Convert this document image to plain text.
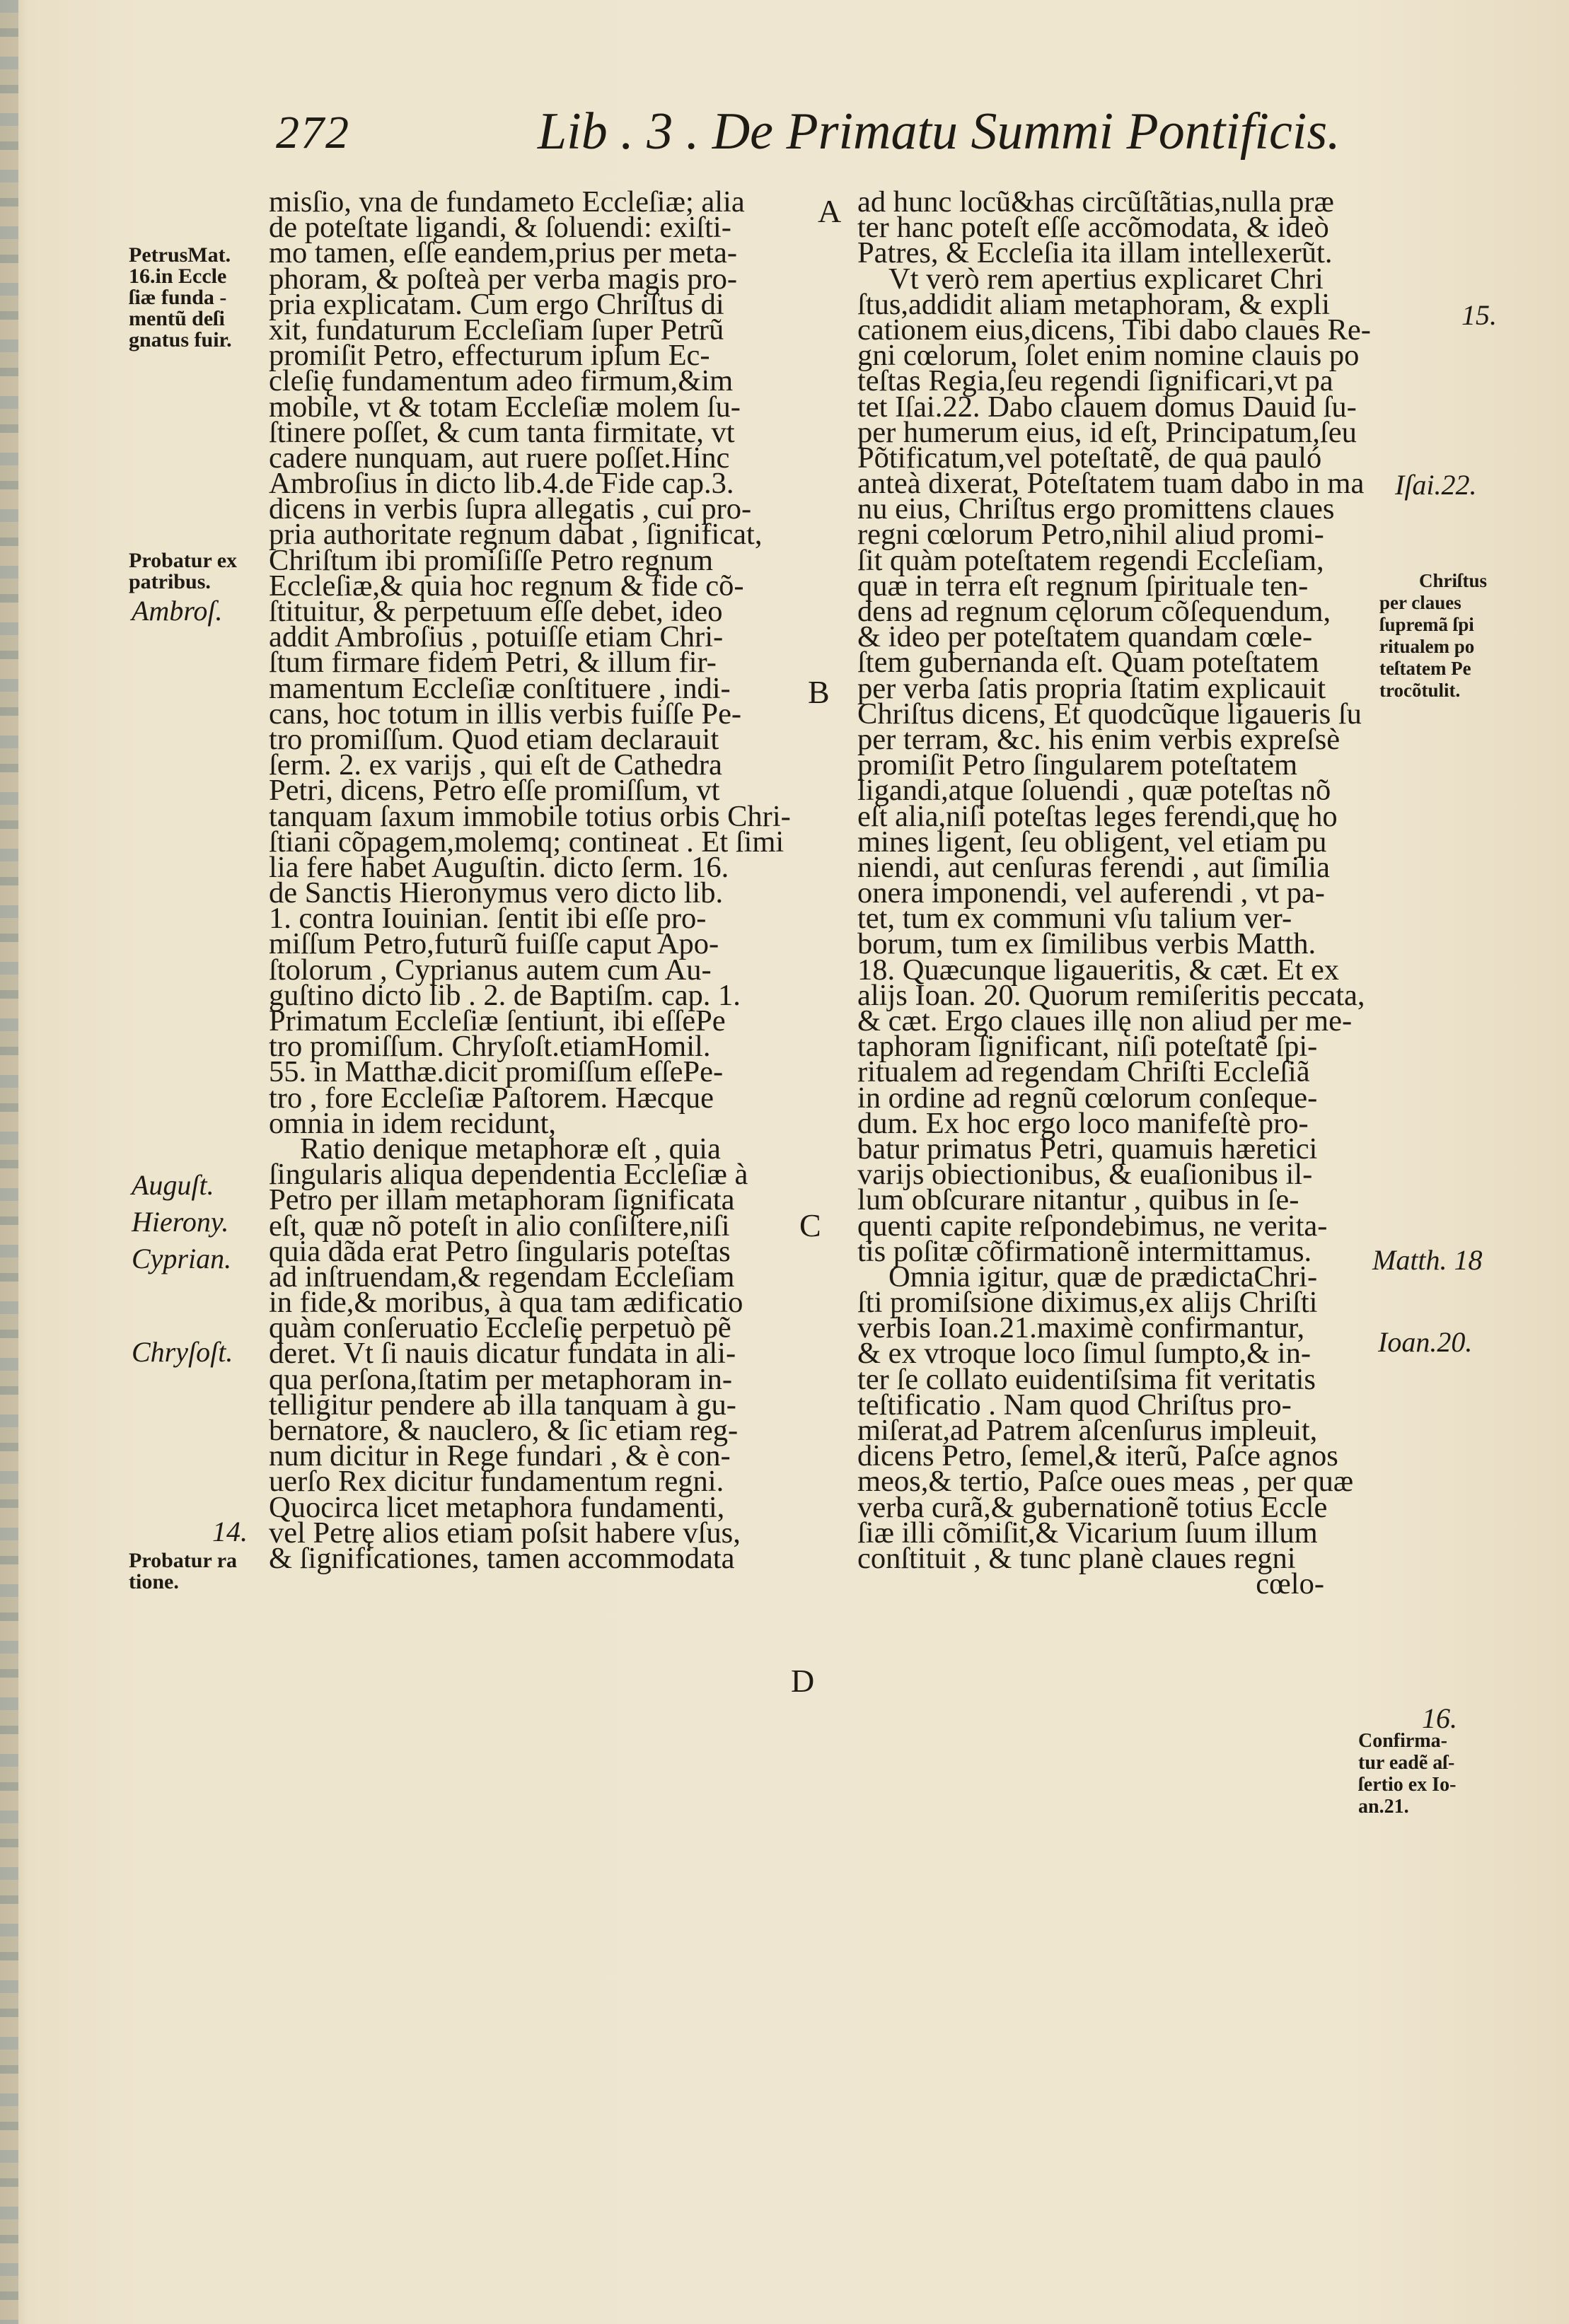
272	Lib . 3 . De Primatu Summi Pontificis.
PetrusMat.
16.in Eccle
ſiæ funda -
mentũ deſi
gnatus fuir.
Probatur ex
patribus.
Ambroſ.
Auguſt.
Hierony.
Cyprian.
Chryſoſt.
14.
Probatur ra
tione.
A
B
C
D
misſio, vna de fundameto Eccleſiæ; alia
de poteſtate ligandi, & ſoluendi: exiſti-
mo tamen, eſſe eandem,prius per meta-
phoram, & poſteà per verba magis pro-
pria explicatam. Cum ergo Chriſtus di
xit, fundaturum Eccleſiam ſuper Petrũ
promiſit Petro, effecturum ipſum Ec-
cleſię fundamentum adeo firmum,&im
mobile, vt & totam Eccleſiæ molem ſu-
ſtinere poſſet, & cum tanta firmitate, vt
cadere nunquam, aut ruere poſſet.Hinc
Ambroſius in dicto lib.4.de Fide cap.3.
dicens in verbis ſupra allegatis , cui pro-
pria authoritate regnum dabat , ſignificat,
Chriſtum ibi promiſiſſe Petro regnum
Eccleſiæ,& quia hoc regnum & fide cõ-
ſtituitur, & perpetuum eſſe debet, ideo
addit Ambroſius , potuiſſe etiam Chri-
ſtum firmare fidem Petri, & illum fir-
mamentum Eccleſiæ conſtituere , indi-
cans, hoc totum in illis verbis fuiſſe Pe-
tro promiſſum. Quod etiam declarauit
ſerm. 2. ex varijs , qui eſt de Cathedra
Petri, dicens, Petro eſſe promiſſum, vt
tanquam ſaxum immobile totius orbis Chri-
ſtiani cõpagem,molemq; contineat . Et ſimi
lia fere habet Auguſtin. dicto ſerm. 16.
de Sanctis Hieronymus vero dicto lib.
1. contra Iouinian. ſentit ibi eſſe pro-
miſſum Petro,futurũ fuiſſe caput Apo-
ſtolorum , Cyprianus autem cum Au-
guſtino dicto lib . 2. de Baptiſm. cap. 1.
Primatum Eccleſiæ ſentiunt, ibi eſſePe
tro promiſſum. Chryſoſt.etiamHomil.
55. in Matthæ.dicit promiſſum eſſePe-
tro , fore Eccleſiæ Paſtorem. Hæcque
omnia in idem recidunt,
Ratio denique metaphoræ eſt , quia
ſingularis aliqua dependentia Eccleſiæ à
Petro per illam metaphoram ſignificata
eſt, quæ nõ poteſt in alio conſiſtere,niſi
quia dãda erat Petro ſingularis poteſtas
ad inſtruendam,& regendam Eccleſiam
in fide,& moribus, à qua tam ædificatio
quàm conſeruatio Eccleſię perpetuò pẽ
deret. Vt ſi nauis dicatur fundata in ali-
qua perſona,ſtatim per metaphoram in-
telligitur pendere ab illa tanquam à gu-
bernatore, & nauclero, & ſic etiam reg-
num dicitur in Rege fundari , & è con-
uerſo Rex dicitur fundamentum regni.
Quocirca licet metaphora fundamenti,
vel Petrę alios etiam poſsit habere vſus,
& ſignificationes, tamen accommodata
ad hunc locũ&has circũſtãtias,nulla præ
ter hanc poteſt eſſe accõmodata, & ideò
Patres, & Eccleſia ita illam intellexerũt.
Vt verò rem apertius explicaret Chri
ſtus,addidit aliam metaphoram, & expli
cationem eius,dicens, Tibi dabo claues Re-
gni cœlorum, ſolet enim nomine clauis po
teſtas Regia,ſeu regendi ſignificari,vt pa
tet Iſai.22. Dabo clauem domus Dauid ſu-
per humerum eius, id eſt, Principatum,ſeu
Põtificatum,vel poteſtatẽ, de qua pauló
anteà dixerat, Poteſtatem tuam dabo in ma
nu eius, Chriſtus ergo promittens claues
regni cœlorum Petro,nihil aliud promi-
ſit quàm poteſtatem regendi Eccleſiam,
quæ in terra eſt regnum ſpirituale ten-
dens ad regnum cęlorum cõſequendum,
& ideo per poteſtatem quandam cœle-
ſtem gubernanda eſt. Quam poteſtatem
per verba ſatis propria ſtatim explicauit
Chriſtus dicens, Et quodcũque ligaueris ſu
per terram, &c. his enim verbis expreſsè
promiſit Petro ſingularem poteſtatem
ligandi,atque ſoluendi , quæ poteſtas nõ
eſt alia,niſi poteſtas leges ferendi,quę ho
mines ligent, ſeu obligent, vel etiam pu
niendi, aut cenſuras ferendi , aut ſimilia
onera imponendi, vel auferendi , vt pa-
tet, tum ex communi vſu talium ver-
borum, tum ex ſimilibus verbis Matth.
18. Quæcunque ligaueritis, & cæt. Et ex
alijs Ioan. 20. Quorum remiſeritis peccata,
& cæt. Ergo claues illę non aliud per me-
taphoram ſignificant, niſi poteſtatẽ ſpi-
ritualem ad regendam Chriſti Eccleſiã
in ordine ad regnũ cœlorum conſeque-
dum. Ex hoc ergo loco manifeſtè pro-
batur primatus Petri, quamuis hæretici
varijs obiectionibus, & euaſionibus il-
lum obſcurare nitantur , quibus in ſe-
quenti capite reſpondebimus, ne verita-
tis poſitæ cõfirmationẽ intermittamus.
Omnia igitur, quæ de prædictaChri-
ſti promiſsione diximus,ex alijs Chriſti
verbis Ioan.21.maximè confirmantur,
& ex vtroque loco ſimul ſumpto,& in-
ter ſe collato euidentiſsima fit veritatis
teſtificatio . Nam quod Chriſtus pro-
miſerat,ad Patrem aſcenſurus impleuit,
dicens Petro, ſemel,& iterũ, Paſce agnos
meos,& tertio, Paſce oues meas , per quæ
verba curã,& gubernationẽ totius Eccle
ſiæ illi cõmiſit,& Vicarium ſuum illum
conſtituit , & tunc planè claues regni
cœlo-
15.
Iſai.22.
Chriſtus
per claues
ſupremã ſpi
ritualem po
teſtatem Pe
trocõtulit.
Matth. 18
Ioan.20.
16.
Confirma-
tur eadẽ aſ-
ſertio ex Io-
an.21.
